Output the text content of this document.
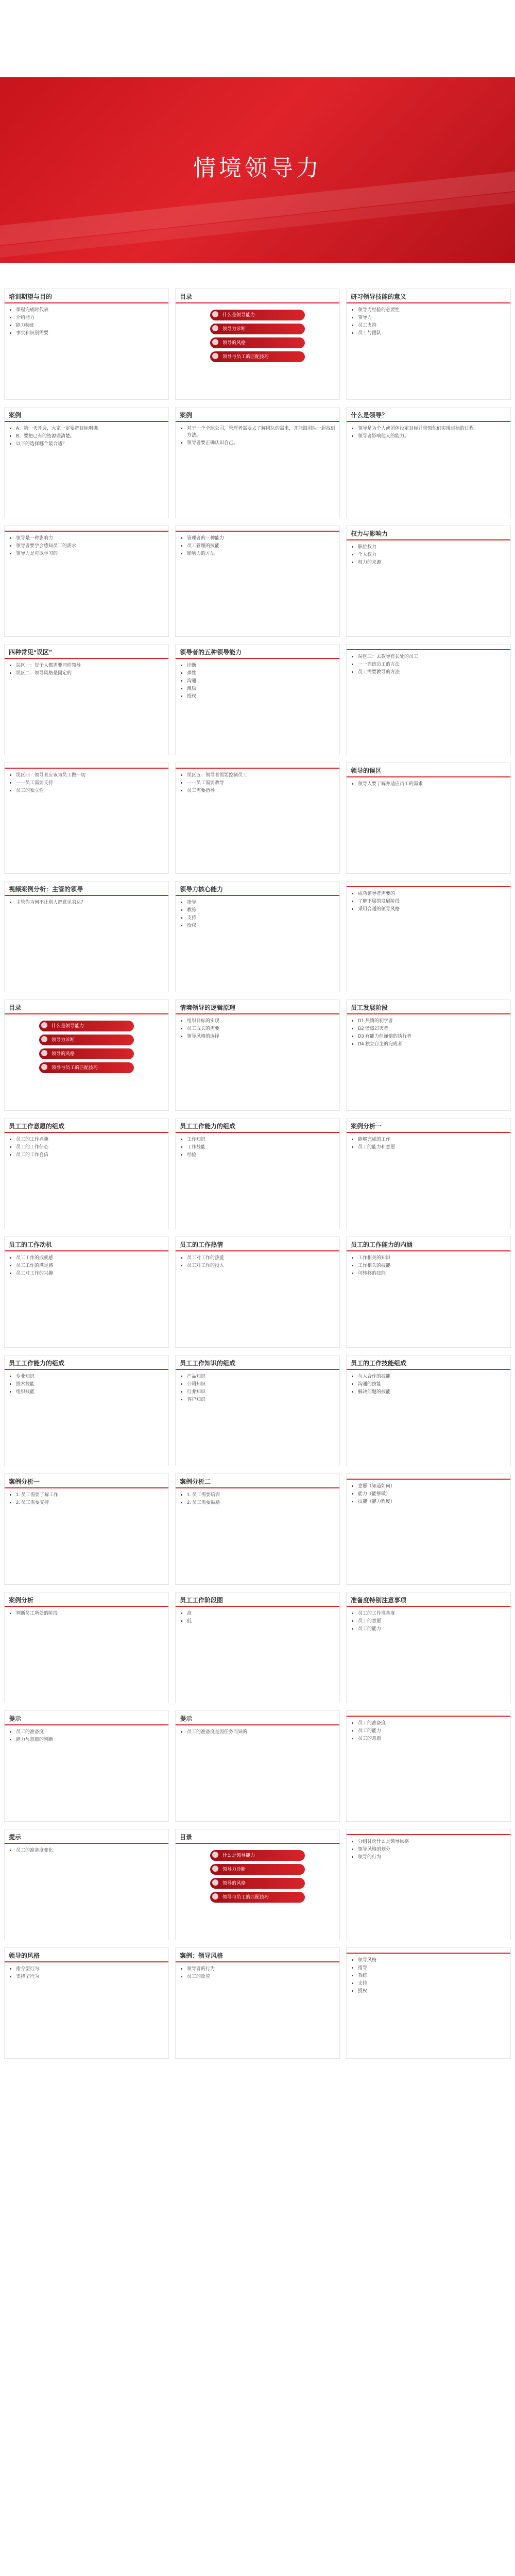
情境领导力
培训期望与目的
• 课程完成时代表
• 介绍能力
• 能力特征
• 事实和识别需要
目录
什么是领导能力
领导力诊断
领导的风格
领导与员工的匹配技巧
研习领导技能的意义
• 领导力经验的必要性
• 领导力
• 员工支持
• 员工与团队
案例
• A、第一天开会，大家一定要把目标明确。
• B、要把已有的资源理清楚。
• 以下的选择哪个最合适？
案例
• 对于一个全球公司，管理者需要去了解团队的需求，并能跟团队一起找到方法。
• 领导者要正确认识自己。
什么是领导？
• 领导是为个人或团体设定目标并带领他们实现目标的过程。
• 领导者影响他人的能力。
• 领导是一种影响力
• 领导者要学会感知员工的需求
• 领导力是可以学习的
• 管理者的三种能力
• 员工管理的技能
• 影响力的方法
权力与影响力
• 职位权力
• 个人权力
• 权力的来源
四种常见“误区”
• 误区一：每个人都需要同样领导
• 误区二：领导风格是固定的
领导者的五种领导能力
• 诊断
• 弹性
• 沟通
• 激励
• 授权
• 误区三：去教导有长处的员工
• 一一训练员工的方法
• 员工需要教导的方法
• 误区四：领导者应该为员工做一切
• 一一员工需要支持
• 员工的独立性
• 误区五：领导者需要控制员工
• 一一员工需要教导
• 员工需要指导
领导的误区
• 领导人要了解并适应员工的需求
视频案例分析：主管的领导
• 主管你为何不让别人把意见表达？
领导力核心能力
• 指导
• 教练
• 支持
• 授权
• 成功领导者需要的
• 了解下属的发展阶段
• 采用合适的领导风格
目录
什么是领导能力
领导力诊断
领导的风格
领导与员工的匹配技巧
情境领导的逻辑原理
• 组织目标的实现
• 员工成长的需要
• 领导风格的选择
员工发展阶段
• D1 热情的初学者
• D2 憧憬幻灭者
• D3 有能力但谨慎的执行者
• D4 独立自主的完成者
员工工作意愿的组成
• 员工的工作兴趣
• 员工的工作信心
• 员工的工作自信
员工工作能力的组成
• 工作知识
• 工作技能
• 经验
案例分析一
• 能够完成的工作
• 员工的能力和意愿
员工的工作动机
• 员工工作的成就感
• 员工工作的满足感
• 员工对工作的兴趣
员工的工作热情
• 员工对工作的热爱
• 员工对工作的投入
员工的工作能力的内涵
• 工作相关的知识
• 工作相关的技能
• 可转移的技能
员工工作能力的组成
• 专业知识
• 技术技能
• 组织技能
员工工作知识的组成
• 产品知识
• 公司知识
• 行业知识
• 客户知识
员工的工作技能组成
• 与人合作的技能
• 沟通的技能
• 解决问题的技能
案例分析一
• 1. 员工需要了解工作
• 2. 员工需要支持
案例分析二
• 1. 员工需要培训
• 2. 员工需要鼓励
• 意愿（知道如何）
• 能力（能够做）
• 技能（能力程度）
案例分析
• 判断员工所处的阶段
员工工作阶段图
• 高
• 低
准备度特别注意事项
• 员工的工作准备度
• 员工的意愿
• 员工的能力
提示
• 员工的准备度
• 能力与意愿的判断
提示
• 员工的准备度是因任务而异的
• 员工的准备度
• 员工的能力
• 员工的意愿
提示
• 员工的准备度变化
目录
什么是领导能力
领导力诊断
领导的风格
领导与员工的匹配技巧
• 分组讨论什么是领导风格
• 领导风格的划分
• 领导的行为
领导的风格
• 指令型行为
• 支持型行为
案例：领导风格
• 领导者的行为
• 员工的反应
• 领导风格
• 指导
• 教练
• 支持
• 授权
